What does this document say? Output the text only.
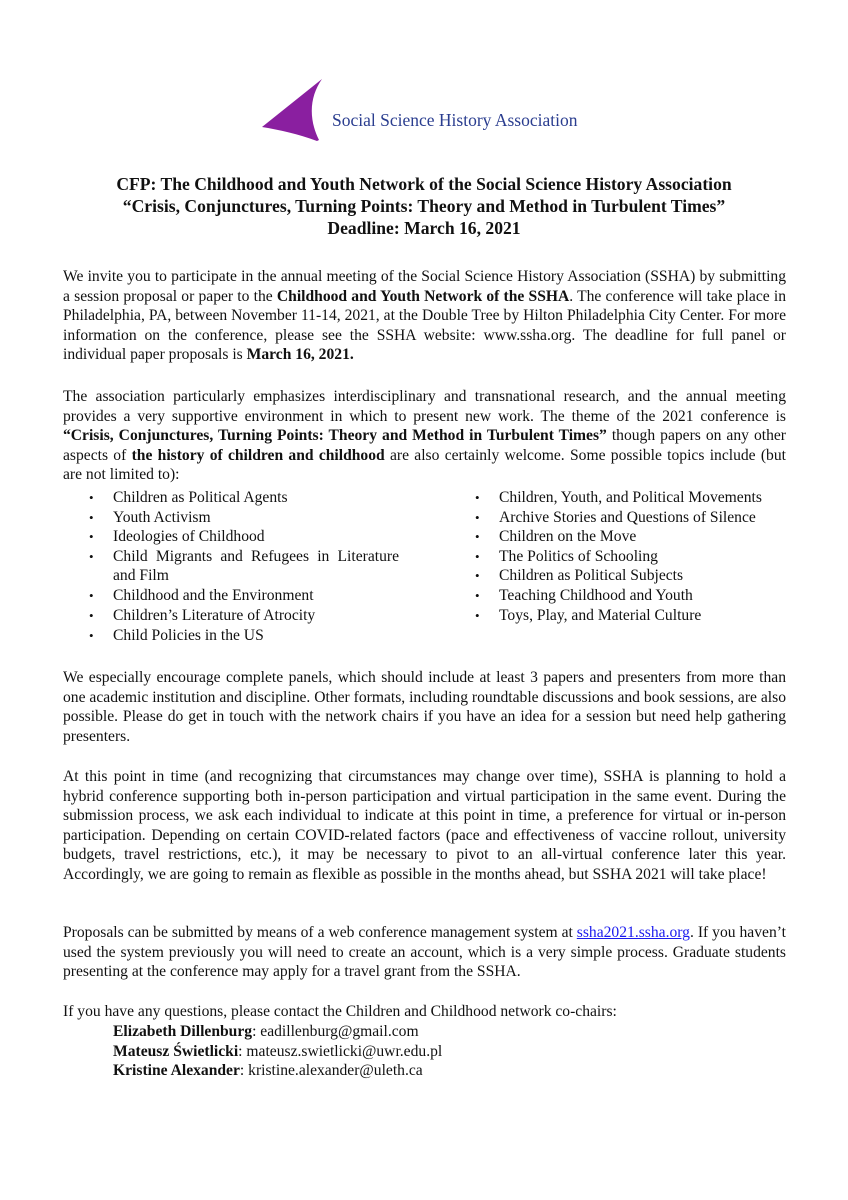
Social Science History Association
CFP: The Childhood and Youth Network of the Social Science History Association
“Crisis, Conjunctures, Turning Points: Theory and Method in Turbulent Times”
Deadline: March 16, 2021
We invite you to participate in the annual meeting of the Social Science History Association (SSHA) by submitting a session proposal or paper to the Childhood and Youth Network of the SSHA. The conference will take place in Philadelphia, PA, between November 11-14, 2021, at the Double Tree by Hilton Philadelphia City Center. For more information on the conference, please see the SSHA website: www.ssha.org. The deadline for full panel or individual paper proposals is March 16, 2021.
The association particularly emphasizes interdisciplinary and transnational research, and the annual meeting provides a very supportive environment in which to present new work. The theme of the 2021 conference is “Crisis, Conjunctures, Turning Points: Theory and Method in Turbulent Times” though papers on any other aspects of the history of children and childhood are also certainly welcome. Some possible topics include (but are not limited to):
• Children as Political Agents
• Youth Activism
• Ideologies of Childhood
• Child Migrants and Refugees in Literature and Film
• Childhood and the Environment
• Children’s Literature of Atrocity
• Child Policies in the US
• Children, Youth, and Political Movements
• Archive Stories and Questions of Silence
• Children on the Move
• The Politics of Schooling
• Children as Political Subjects
• Teaching Childhood and Youth
• Toys, Play, and Material Culture
We especially encourage complete panels, which should include at least 3 papers and presenters from more than one academic institution and discipline. Other formats, including roundtable discussions and book sessions, are also possible. Please do get in touch with the network chairs if you have an idea for a session but need help gathering presenters.
At this point in time (and recognizing that circumstances may change over time), SSHA is planning to hold a hybrid conference supporting both in-person participation and virtual participation in the same event. During the submission process, we ask each individual to indicate at this point in time, a preference for virtual or in-person participation. Depending on certain COVID-related factors (pace and effectiveness of vaccine rollout, university budgets, travel restrictions, etc.), it may be necessary to pivot to an all-virtual conference later this year. Accordingly, we are going to remain as flexible as possible in the months ahead, but SSHA 2021 will take place!
Proposals can be submitted by means of a web conference management system at ssha2021.ssha.org. If you haven’t used the system previously you will need to create an account, which is a very simple process. Graduate students presenting at the conference may apply for a travel grant from the SSHA.
If you have any questions, please contact the Children and Childhood network co-chairs:
Elizabeth Dillenburg: eadillenburg@gmail.com
Mateusz Świetlicki: mateusz.swietlicki@uwr.edu.pl
Kristine Alexander: kristine.alexander@uleth.ca
